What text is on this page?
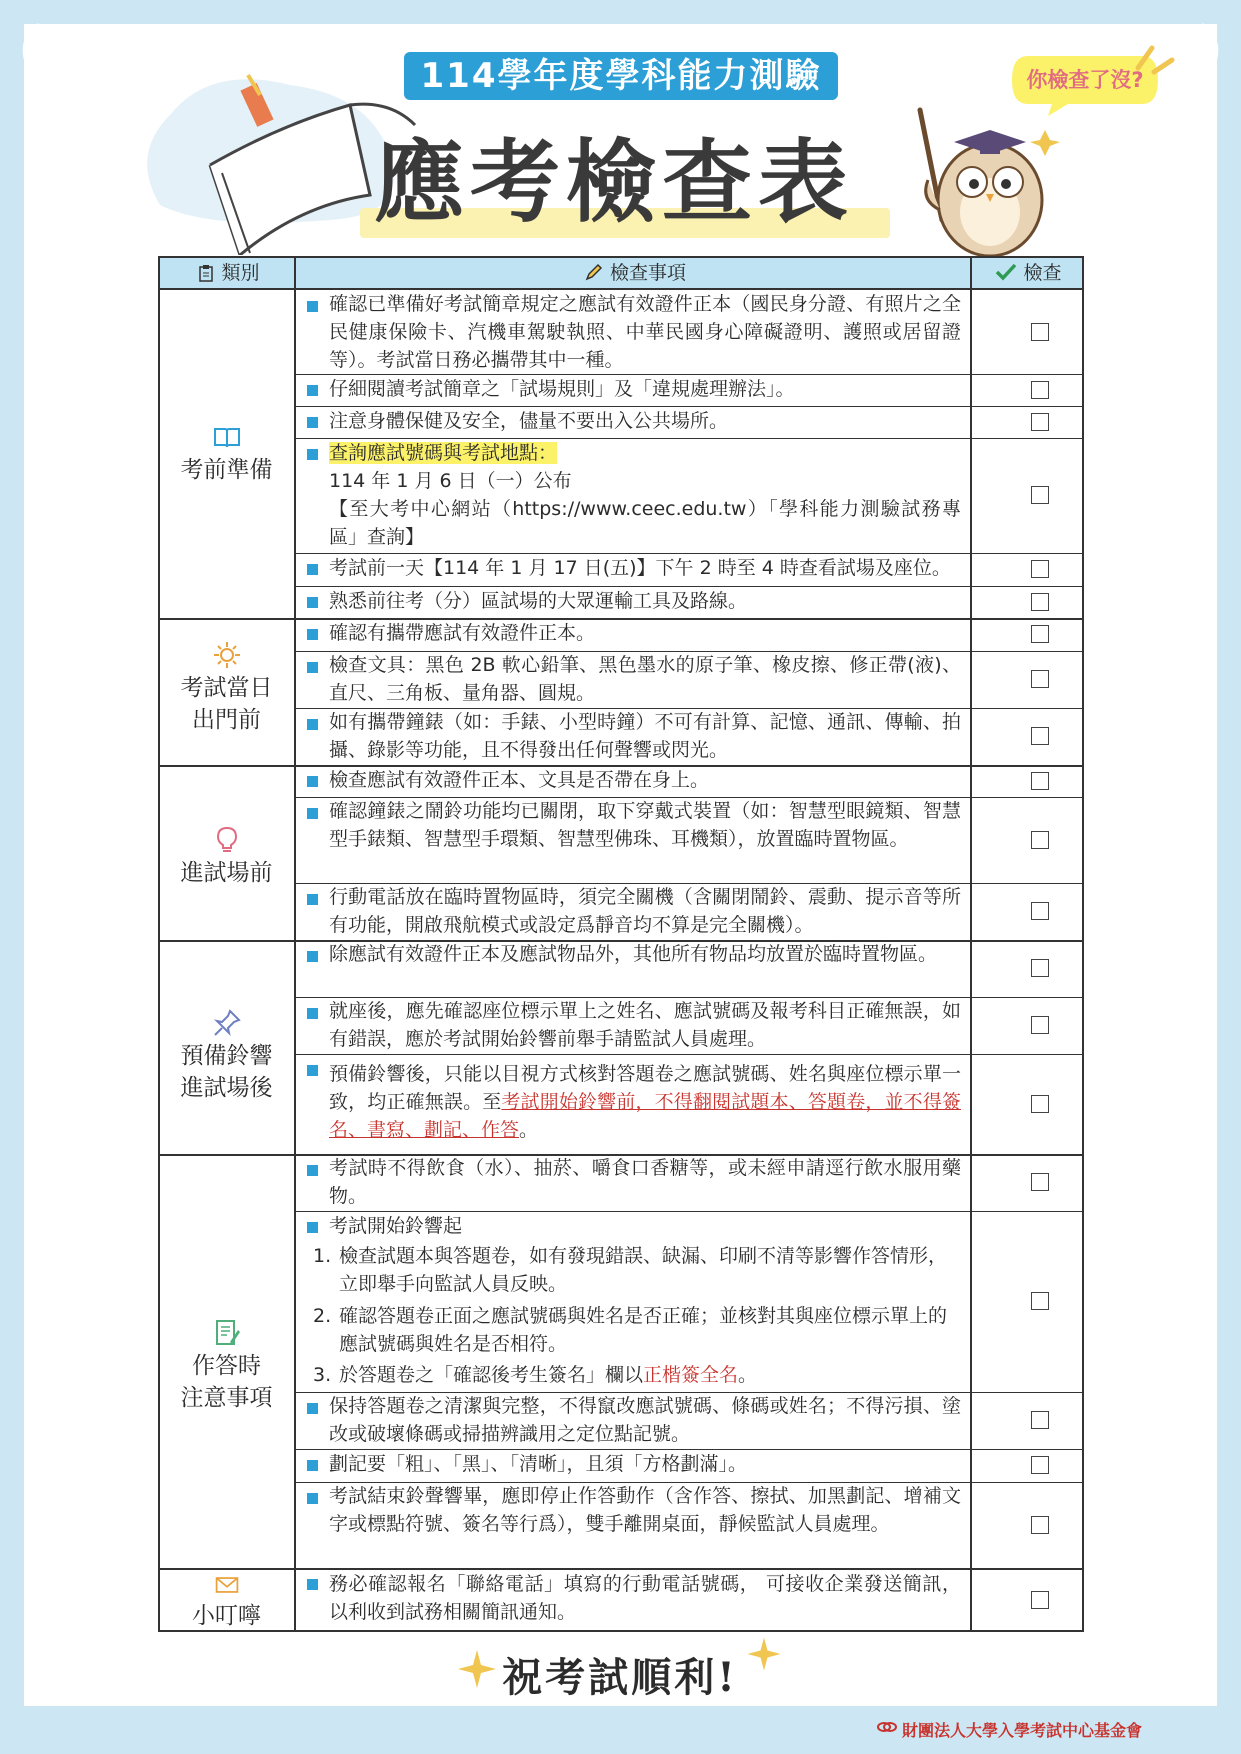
114學年度學科能力測驗
應考檢查表
你檢查了沒?
類別	檢查事項	檢查
考前準備
考試當日
出門前
進試場前
預備鈴響
進試場後
作答時
注意事項
小叮嚀
確認已準備好考試簡章規定之應試有效證件正本（國民身分證、有照片之全民健康保險卡、汽機車駕駛執照、中華民國身心障礙證明、護照或居留證等）。考試當日務必攜帶其中一種。
仔細閱讀考試簡章之「試場規則」及「違規處理辦法」。
注意身體保健及安全，儘量不要出入公共場所。
查詢應試號碼與考試地點：
114 年 1 月 6 日（一）公布
【至大考中心網站（https://www.ceec.edu.tw）「學科能力測驗試務專區」查詢】
考試前一天【114 年 1 月 17 日(五)】下午 2 時至 4 時查看試場及座位。
熟悉前往考（分）區試場的大眾運輸工具及路線。
確認有攜帶應試有效證件正本。
檢查文具：黑色 2B 軟心鉛筆、黑色墨水的原子筆、橡皮擦、修正帶(液)、直尺、三角板、量角器、圓規。
如有攜帶鐘錶（如：手錶、小型時鐘）不可有計算、記憶、通訊、傳輸、拍攝、錄影等功能，且不得發出任何聲響或閃光。
檢查應試有效證件正本、文具是否帶在身上。
確認鐘錶之鬧鈴功能均已關閉，取下穿戴式裝置（如：智慧型眼鏡類、智慧型手錶類、智慧型手環類、智慧型佛珠、耳機類），放置臨時置物區。
行動電話放在臨時置物區時，須完全關機（含關閉鬧鈴、震動、提示音等所有功能，開啟飛航模式或設定爲靜音均不算是完全關機）。
除應試有效證件正本及應試物品外，其他所有物品均放置於臨時置物區。
就座後，應先確認座位標示單上之姓名、應試號碼及報考科目正確無誤，如有錯誤，應於考試開始鈴響前舉手請監試人員處理。
預備鈴響後，只能以目視方式核對答題卷之應試號碼、姓名與座位標示單一致，均正確無誤。至考試開始鈴響前，不得翻閱試題本、答題卷，並不得簽名、書寫、劃記、作答。
考試時不得飲食（水）、抽菸、嚼食口香糖等，或未經申請逕行飲水服用藥物。
考試開始鈴響起
1. 檢查試題本與答題卷，如有發現錯誤、缺漏、印刷不清等影響作答情形，立即舉手向監試人員反映。
2. 確認答題卷正面之應試號碼與姓名是否正確；並核對其與座位標示單上的應試號碼與姓名是否相符。
3. 於答題卷之「確認後考生簽名」欄以正楷簽全名。
保持答題卷之清潔與完整，不得竄改應試號碼、條碼或姓名；不得污損、塗改或破壞條碼或掃描辨識用之定位點記號。
劃記要「粗」、「黑」、「清晰」，且須「方格劃滿」。
考試結束鈴聲響畢，應即停止作答動作（含作答、擦拭、加黑劃記、增補文字或標點符號、簽名等行爲），雙手離開桌面，靜候監試人員處理。
務必確認報名「聯絡電話」填寫的行動電話號碼， 可接收企業發送簡訊，以利收到試務相關簡訊通知。
祝考試順利!
財團法人大學入學考試中心基金會
